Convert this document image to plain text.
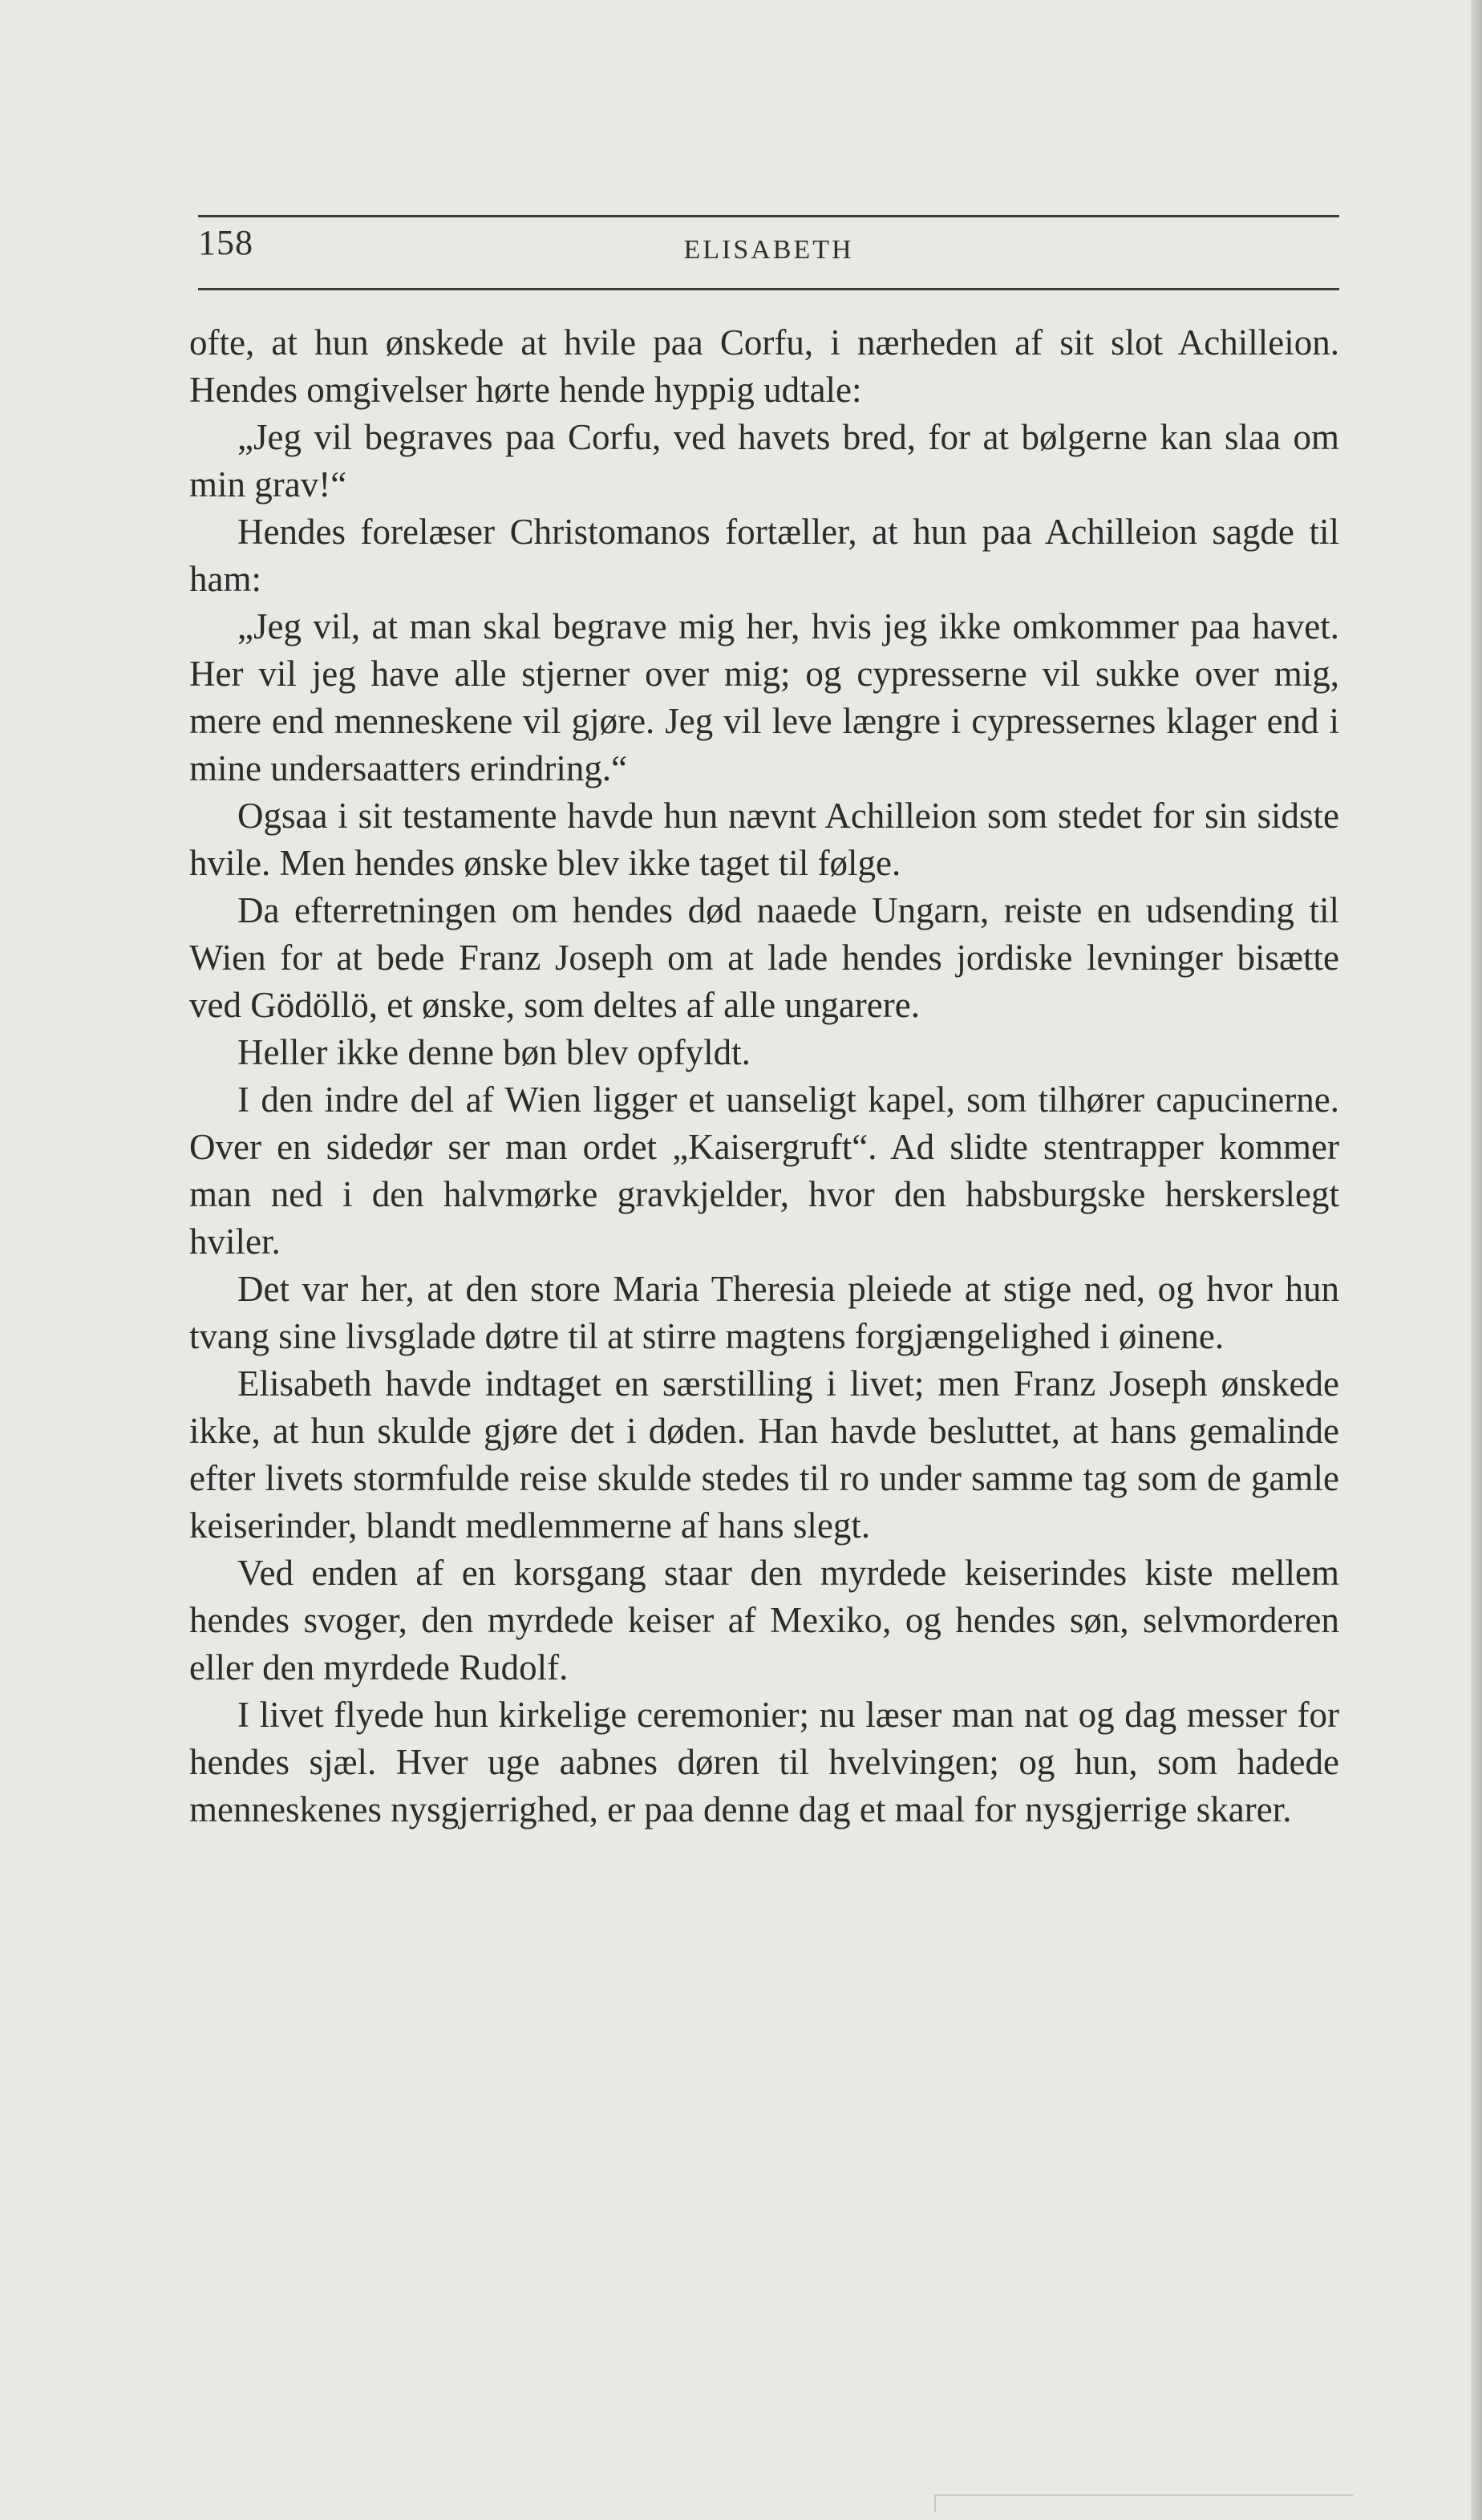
158	ELISABETH

ofte, at hun ønskede at hvile paa Corfu, i nærheden af sit slot Achilleion. Hendes omgivelser hørte hende hyppig udtale:

„Jeg vil begraves paa Corfu, ved havets bred, for at bølgerne kan slaa om min grav!“

Hendes forelæser Christomanos fortæller, at hun paa Achilleion sagde til ham:

„Jeg vil, at man skal begrave mig her, hvis jeg ikke omkommer paa havet. Her vil jeg have alle stjerner over mig; og cypresserne vil sukke over mig, mere end menneskene vil gjøre. Jeg vil leve længre i cypressernes klager end i mine undersaatters erindring.“

Ogsaa i sit testamente havde hun nævnt Achilleion som stedet for sin sidste hvile. Men hendes ønske blev ikke taget til følge.

Da efterretningen om hendes død naaede Ungarn, reiste en udsending til Wien for at bede Franz Joseph om at lade hendes jordiske levninger bisætte ved Gödöllö, et ønske, som deltes af alle ungarere.

Heller ikke denne bøn blev opfyldt.

I den indre del af Wien ligger et uanseligt kapel, som tilhører capucinerne. Over en sidedør ser man ordet „Kaisergruft“. Ad slidte stentrapper kommer man ned i den halvmørke gravkjelder, hvor den habsburgske herskerslegt hviler.

Det var her, at den store Maria Theresia pleiede at stige ned, og hvor hun tvang sine livsglade døtre til at stirre magtens forgjængelighed i øinene.

Elisabeth havde indtaget en særstilling i livet; men Franz Joseph ønskede ikke, at hun skulde gjøre det i døden. Han havde besluttet, at hans gemalinde efter livets stormfulde reise skulde stedes til ro under samme tag som de gamle keiserinder, blandt medlemmerne af hans slegt.

Ved enden af en korsgang staar den myrdede keiserindes kiste mellem hendes svoger, den myrdede keiser af Mexiko, og hendes søn, selvmorderen eller den myrdede Rudolf.

I livet flyede hun kirkelige ceremonier; nu læser man nat og dag messer for hendes sjæl. Hver uge aabnes døren til hvelvingen; og hun, som hadede menneskenes nysgjerrighed, er paa denne dag et maal for nysgjerrige skarer.
